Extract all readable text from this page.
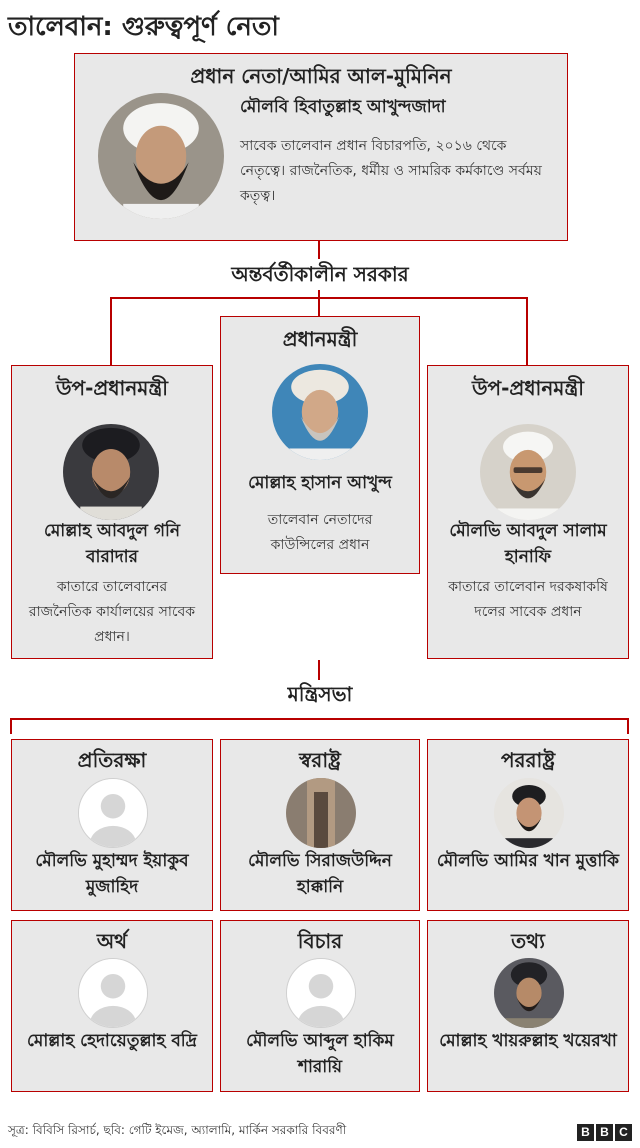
তালেবান: গুরুত্বপূর্ণ নেতা
প্রধান নেতা/আমির আল-মুমিনিন
মৌলবি হিবাতুল্লাহ আখুন্দজাদা
সাবেক তালেবান প্রধান বিচারপতি, ২০১৬ থেকে নেতৃত্বে। রাজনৈতিক, ধর্মীয় ও সামরিক কর্মকাণ্ডে সর্বময় কতৃত্ব।
অন্তর্বর্তীকালীন সরকার
উপ-প্রধানমন্ত্রী
মোল্লাহ আবদুল গনি বারাদার
কাতারে তালেবানের রাজনৈতিক কার্যালয়ের সাবেক প্রধান।
প্রধানমন্ত্রী
মোল্লাহ হাসান আখুন্দ
তালেবান নেতাদের কাউন্সিলের প্রধান
উপ-প্রধানমন্ত্রী
মৌলভি আবদুল সালাম হানাফি
কাতারে তালেবান দরকষাকষি দলের সাবেক প্রধান
মন্ত্রিসভা
প্রতিরক্ষা
মৌলভি মুহাম্মদ ইয়াকুব মুজাহিদ
স্বরাষ্ট্র
মৌলভি সিরাজউদ্দিন হাক্কানি
পররাষ্ট্র
মৌলভি আমির খান মুত্তাকি
অর্থ
মোল্লাহ হেদায়েতুল্লাহ বদ্রি
বিচার
মৌলভি আব্দুল হাকিম শারায়ি
তথ্য
মোল্লাহ খায়রুল্লাহ খয়েরখা
সূত্র: বিবিসি রিসার্চ, ছবি: গেটি ইমেজ, অ্যালামি, মার্কিন সরকারি বিবরণী	B B C
